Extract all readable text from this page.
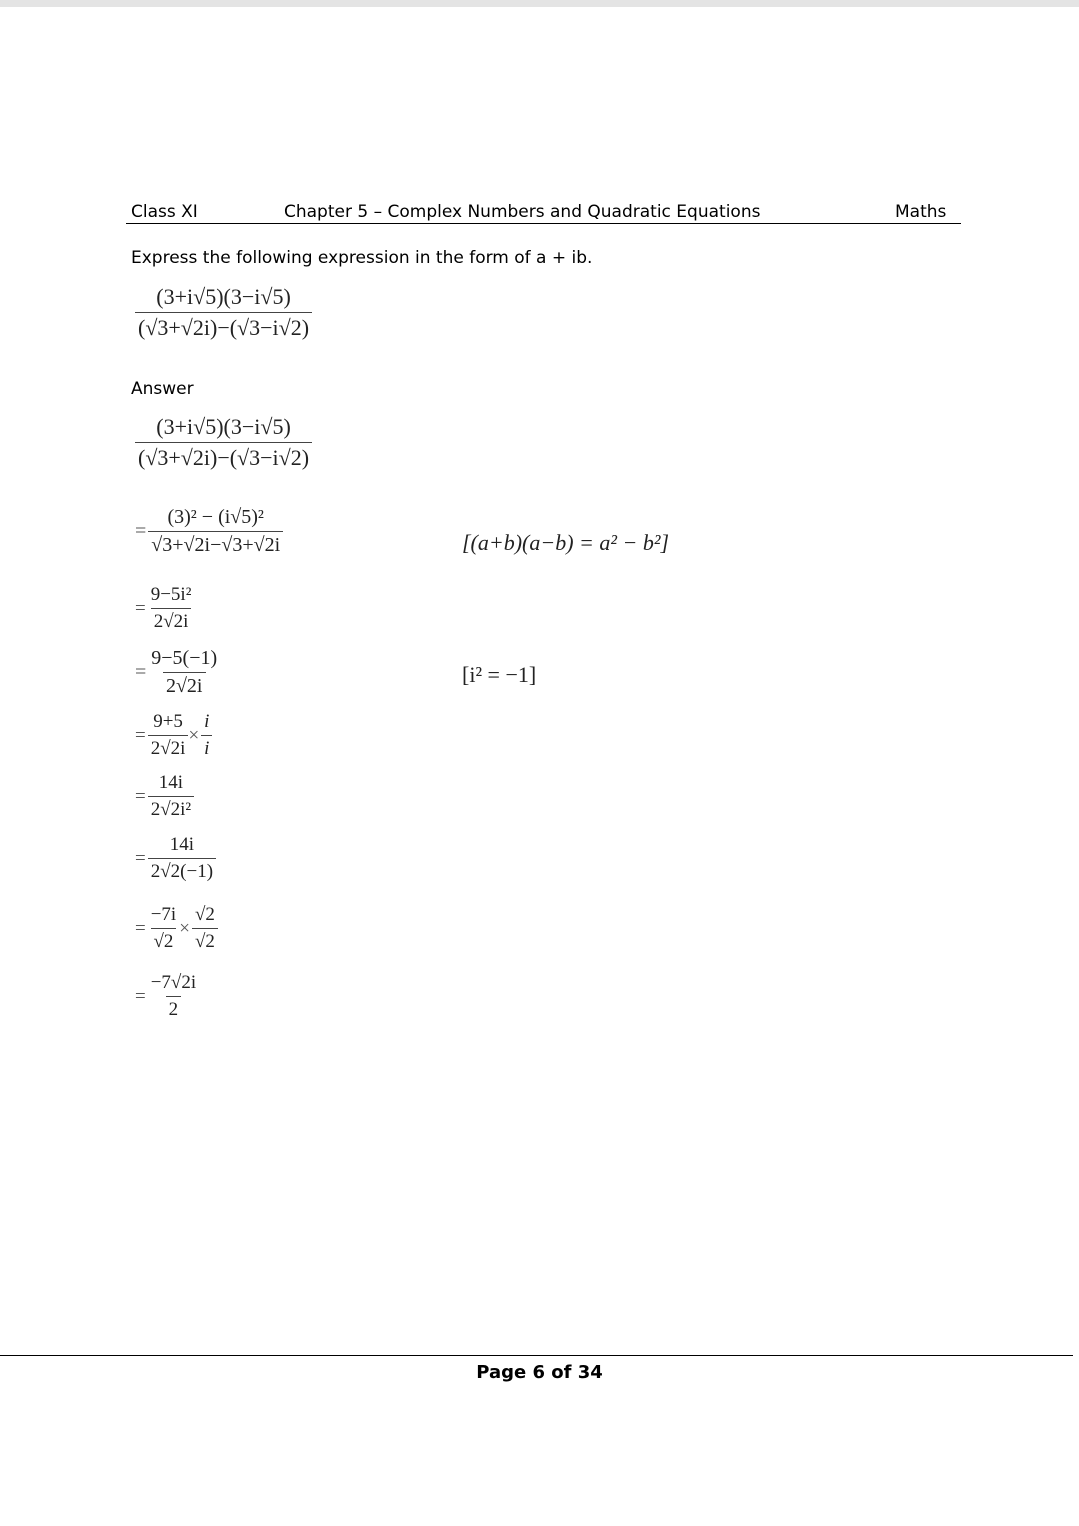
Class XI	Chapter 5 – Complex Numbers and Quadratic Equations	Maths
Express the following expression in the form of a + ib.
$\frac{(3+i√5)(3-i√5)}{(√3+√2i)-(√3-i√2)}$
Answer
$\frac{(3+i√5)(3-i√5)}{(√3+√2i)-(√3-i√2)}$
= $\frac{\text{(3)² − (i√5)²}}{√3+√2i-√3+√2i}$
= $\frac{\text{9−5i²}}{2√2i}$
= $\frac{9-5(-1)}{2√2i}$
= $\frac{9+5}{2√2i} \times \frac{i}{i}$
= $\frac{14i}{\text{2√2i²}}$
= $\frac{14i}{2√2(-1)}$
= $\frac{-7i}{√2} \times \frac{√2}{√2}$
= $\frac{-7√2i}{2}$
[(a+b)(a−b) = a² − b²]
[i² = −1]
Page 6 of 34
